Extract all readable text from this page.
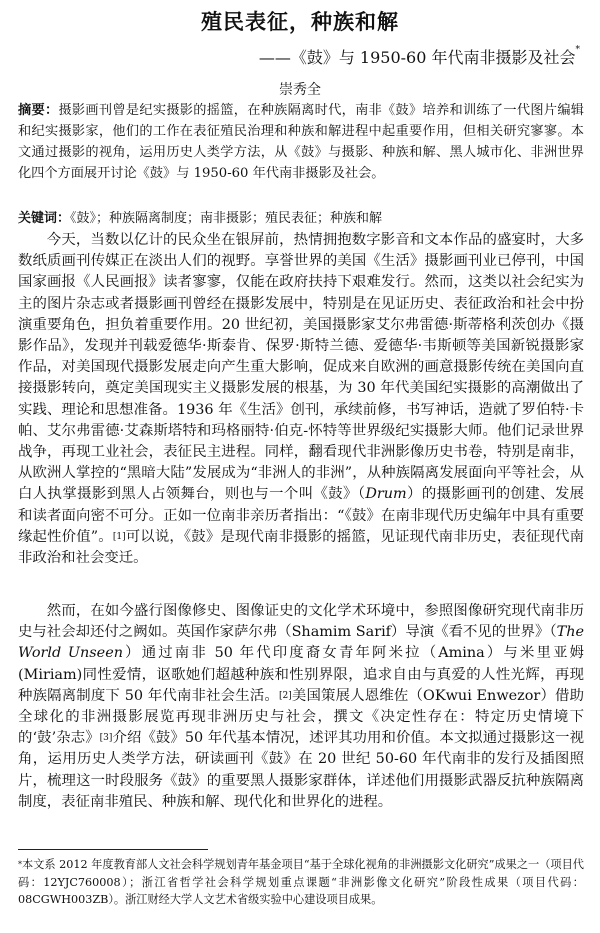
殖民表征，种族和解
——《鼓》与 1950-60 年代南非摄影及社会*
崇秀全

摘要：摄影画刊曾是纪实摄影的摇篮，在种族隔离时代，南非《鼓》培养和训练了一代图片编辑和纪实摄影家，他们的工作在表征殖民治理和种族和解进程中起重要作用，但相关研究寥寥。本文通过摄影的视角，运用历史人类学方法，从《鼓》与摄影、种族和解、黑人城市化、非洲世界化四个方面展开讨论《鼓》与 1950-60 年代南非摄影及社会。

关键词：《鼓》；种族隔离制度；南非摄影；殖民表征；种族和解

今天，当数以亿计的民众坐在银屏前，热情拥抱数字影音和文本作品的盛宴时，大多数纸质画刊传媒正在淡出人们的视野。享誉世界的美国《生活》摄影画刊业已停刊，中国国家画报《人民画报》读者寥寥，仅能在政府扶持下艰难发行。然而，这类以社会纪实为主的图片杂志或者摄影画刊曾经在摄影发展中，特别是在见证历史、表征政治和社会中扮演重要角色，担负着重要作用。20 世纪初，美国摄影家艾尔弗雷德·斯蒂格利茨创办《摄影作品》，发现并刊载爱德华·斯泰肯、保罗·斯特兰德、爱德华·韦斯顿等美国新锐摄影家作品，对美国现代摄影发展走向产生重大影响，促成来自欧洲的画意摄影传统在美国向直接摄影转向，奠定美国现实主义摄影发展的根基，为 30 年代美国纪实摄影的高潮做出了实践、理论和思想准备。1936 年《生活》创刊，承续前修，书写神话，造就了罗伯特·卡帕、艾尔弗雷德·艾森斯塔特和玛格丽特·伯克-怀特等世界级纪实摄影大师。他们记录世界战争，再现工业社会，表征民主进程。同样，翻看现代非洲影像历史书卷，特别是南非，从欧洲人掌控的“黑暗大陆”发展成为“非洲人的非洲”，从种族隔离发展面向平等社会，从白人执掌摄影到黑人占领舞台，则也与一个叫《鼓》（Drum）的摄影画刊的创建、发展和读者面向密不可分。正如一位南非亲历者指出：“《鼓》在南非现代历史编年中具有重要缘起性价值”。[1]可以说，《鼓》是现代南非摄影的摇篮，见证现代南非历史，表征现代南非政治和社会变迁。

然而，在如今盛行图像修史、图像证史的文化学术环境中，参照图像研究现代南非历史与社会却还付之阙如。英国作家萨尔弗（Shamim Sarif）导演《看不见的世界》（The World Unseen）通过南非 50 年代印度裔女青年阿米拉（Amina）与米里亚姆(Miriam)同性爱情，讴歌她们超越种族和性别界限，追求自由与真爱的人性光辉，再现种族隔离制度下 50 年代南非社会生活。[2]美国策展人恩维佐（OKwui Enwezor）借助全球化的非洲摄影展览再现非洲历史与社会，撰文《决定性存在：特定历史情境下的‘鼓’杂志》[3]介绍《鼓》50 年代基本情况，述评其功用和价值。本文拟通过摄影这一视角，运用历史人类学方法，研读画刊《鼓》在 20 世纪 50-60 年代南非的发行及插图照片，梳理这一时段服务《鼓》的重要黑人摄影家群体，详述他们用摄影武器反抗种族隔离制度，表征南非殖民、种族和解、现代化和世界化的进程。

*本文系 2012 年度教育部人文社会科学规划青年基金项目“基于全球化视角的非洲摄影文化研究”成果之一（项目代码：12YJC760008）；浙江省哲学社会科学规划重点课题“非洲影像文化研究”阶段性成果（项目代码：08CGWH003ZB）。浙江财经大学人文艺术省级实验中心建设项目成果。
